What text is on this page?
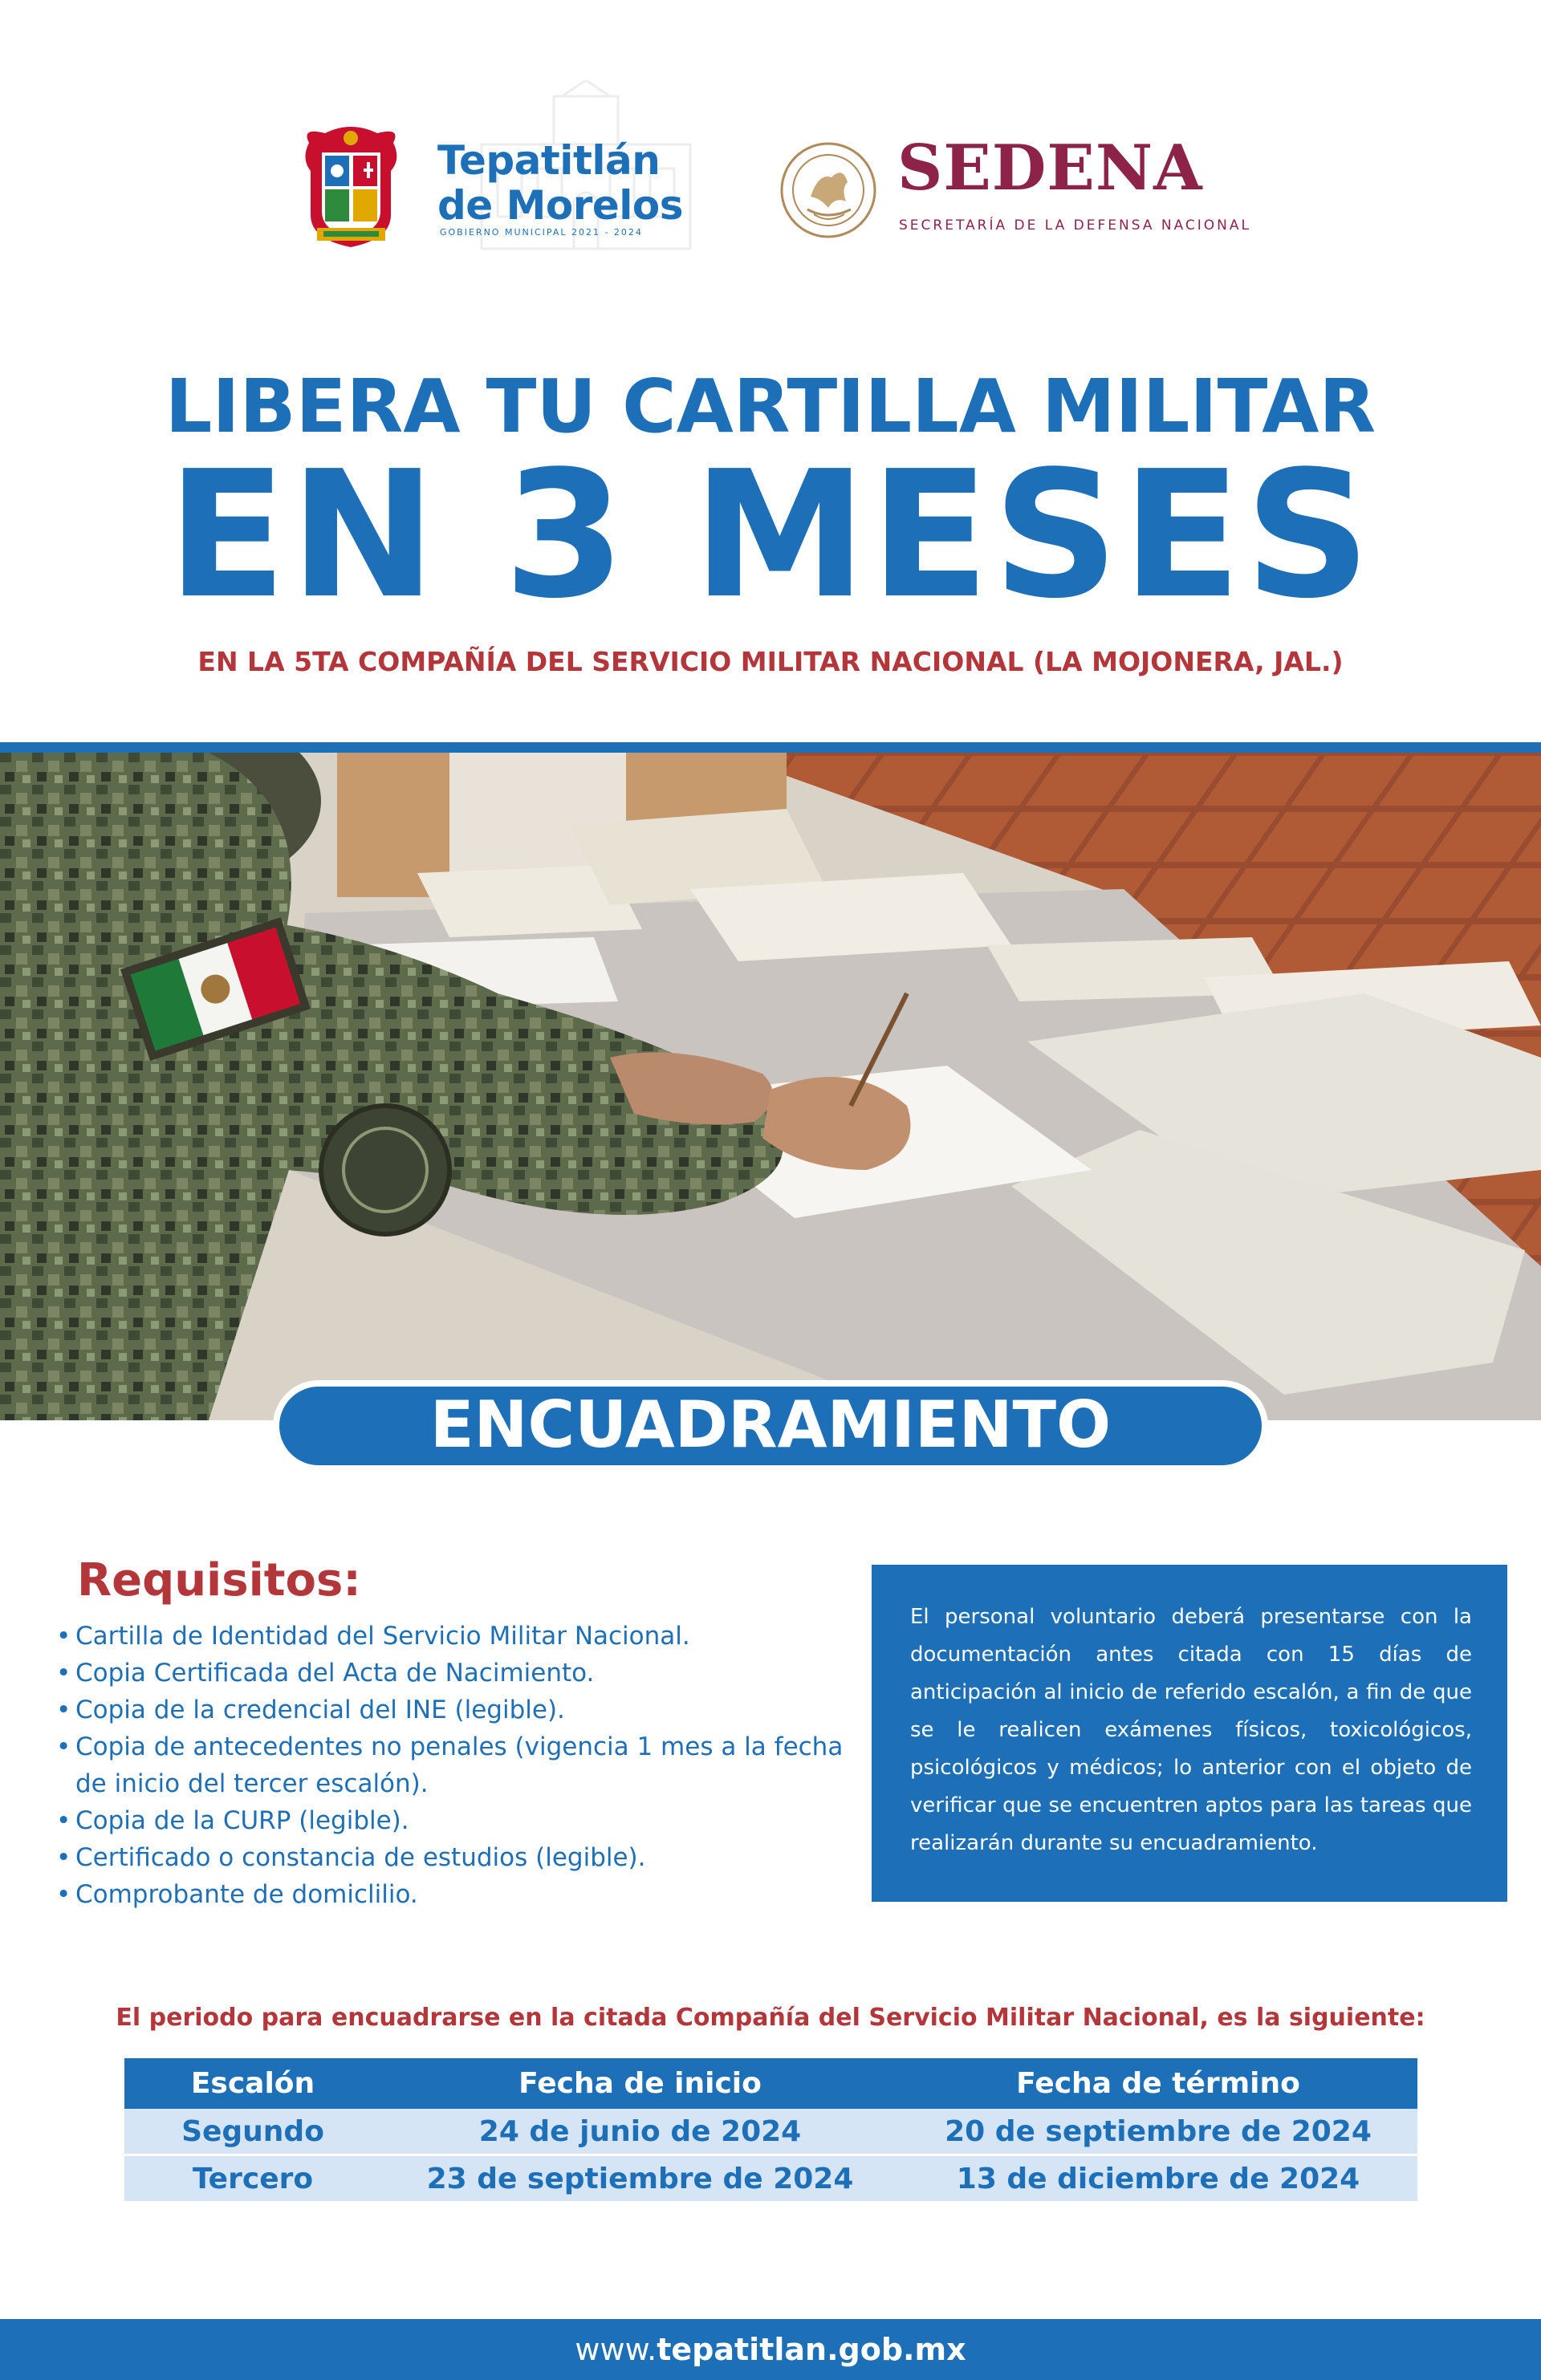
Tepatitlán
de Morelos
GOBIERNO MUNICIPAL 2021 - 2024
SEDENA
SECRETARÍA DE LA DEFENSA NACIONAL
LIBERA TU CARTILLA MILITAR
EN 3 MESES
EN LA 5TA COMPAÑÍA DEL SERVICIO MILITAR NACIONAL (LA MOJONERA, JAL.)
ENCUADRAMIENTO
Requisitos:
• Cartilla de Identidad del Servicio Militar Nacional.
• Copia Certificada del Acta de Nacimiento.
• Copia de la credencial del INE (legible).
• Copia de antecedentes no penales (vigencia 1 mes a la fecha de inicio del tercer escalón).
• Copia de la CURP (legible).
• Certificado o constancia de estudios (legible).
• Comprobante de domiclilio.
El personal voluntario deberá presentarse con la documentación antes citada con 15 días de anticipación al inicio de referido escalón, a fin de que se le realicen exámenes físicos, toxicológicos, psicológicos y médicos; lo anterior con el objeto de verificar que se encuentren aptos para las tareas que realizarán durante su encuadramiento.
El periodo para encuadrarse en la citada Compañía del Servicio Militar Nacional, es la siguiente:
Escalón	Fecha de inicio	Fecha de término
Segundo	24 de junio de 2024	20 de septiembre de 2024
Tercero	23 de septiembre de 2024	13 de diciembre de 2024
www.tepatitlan.gob.mx
